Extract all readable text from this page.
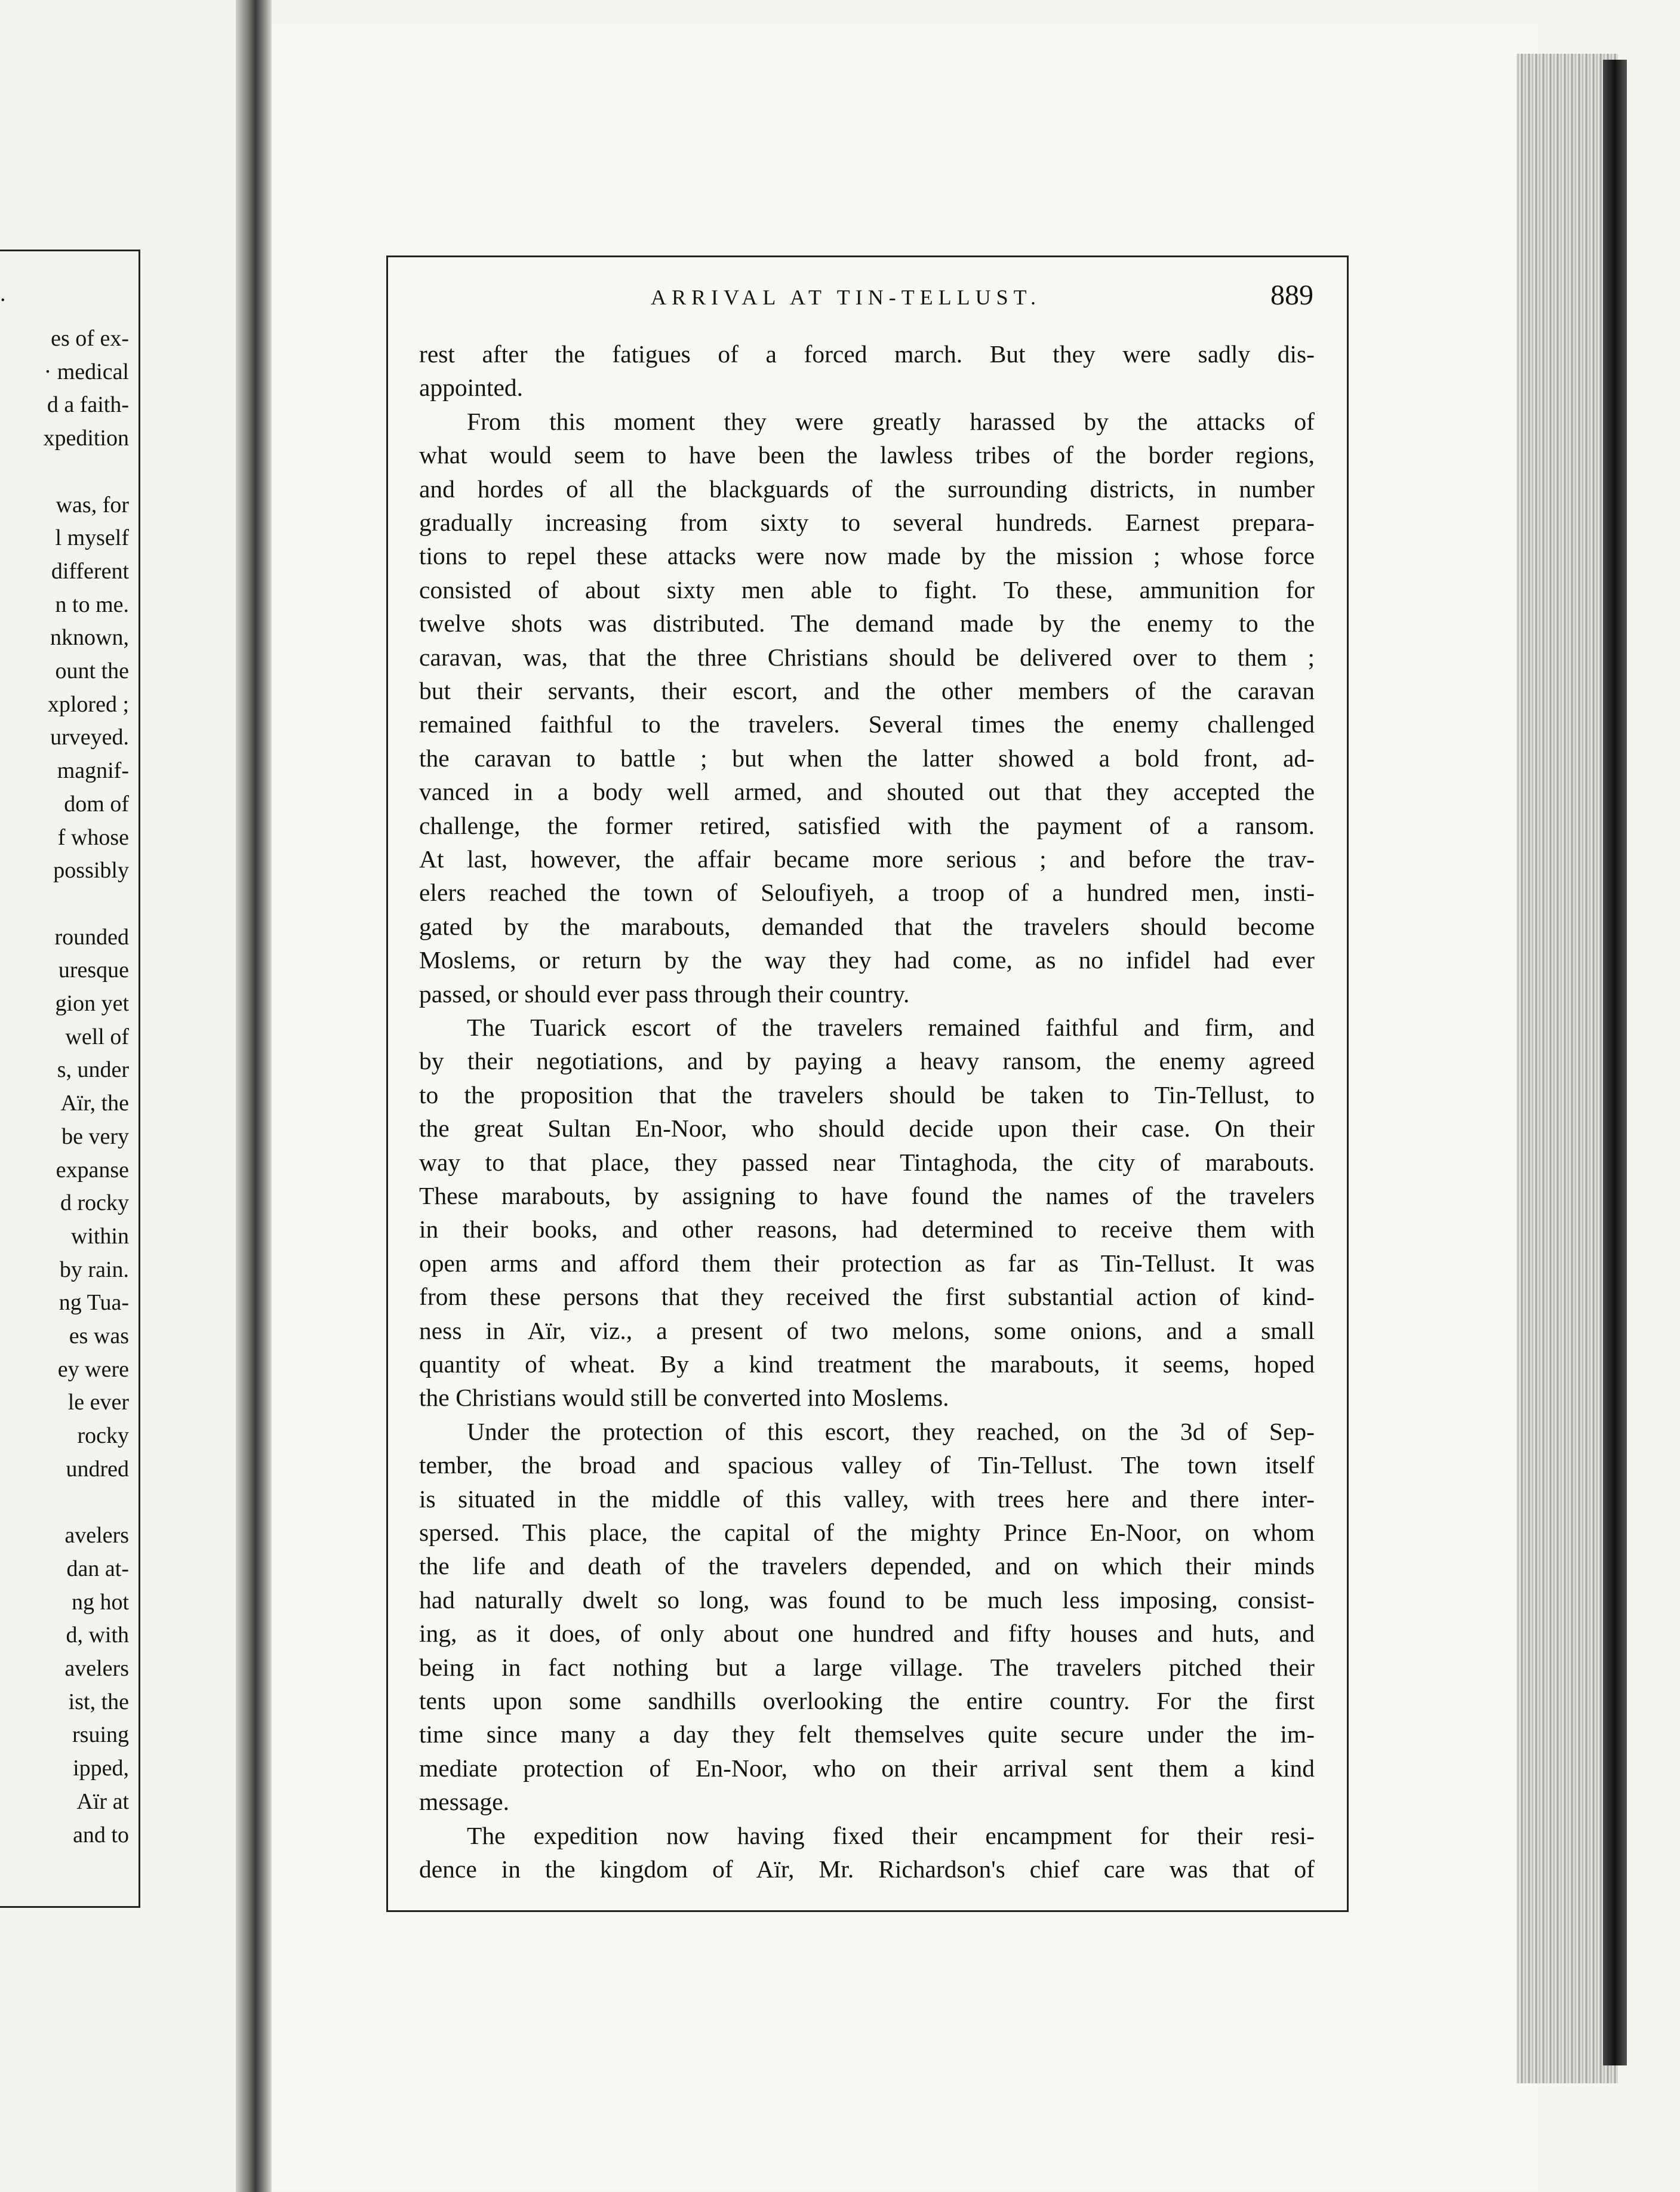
.
es of ex-
· medical
d a faith-
xpedition
was, for
l myself
different
n to me.
nknown,
ount the
xplored ;
urveyed.
magnif-
dom of
f whose
possibly
rounded
uresque
gion yet
well of
s, under
Aïr, the
be very
expanse
d rocky
within
by rain.
ng Tua-
es was
ey were
le ever
rocky
undred
avelers
dan at-
ng hot
d, with
avelers
ist, the
rsuing
ipped,
Aïr at
and to
ARRIVAL AT TIN-TELLUST.	889
rest after the fatigues of a forced march. But they were sadly dis-
appointed.
From this moment they were greatly harassed by the attacks of
what would seem to have been the lawless tribes of the border regions,
and hordes of all the blackguards of the surrounding districts, in number
gradually increasing from sixty to several hundreds. Earnest prepara-
tions to repel these attacks were now made by the mission ; whose force
consisted of about sixty men able to fight. To these, ammunition for
twelve shots was distributed. The demand made by the enemy to the
caravan, was, that the three Christians should be delivered over to them ;
but their servants, their escort, and the other members of the caravan
remained faithful to the travelers. Several times the enemy challenged
the caravan to battle ; but when the latter showed a bold front, ad-
vanced in a body well armed, and shouted out that they accepted the
challenge, the former retired, satisfied with the payment of a ransom.
At last, however, the affair became more serious ; and before the trav-
elers reached the town of Seloufiyeh, a troop of a hundred men, insti-
gated by the marabouts, demanded that the travelers should become
Moslems, or return by the way they had come, as no infidel had ever
passed, or should ever pass through their country.
The Tuarick escort of the travelers remained faithful and firm, and
by their negotiations, and by paying a heavy ransom, the enemy agreed
to the proposition that the travelers should be taken to Tin-Tellust, to
the great Sultan En-Noor, who should decide upon their case. On their
way to that place, they passed near Tintaghoda, the city of marabouts.
These marabouts, by assigning to have found the names of the travelers
in their books, and other reasons, had determined to receive them with
open arms and afford them their protection as far as Tin-Tellust. It was
from these persons that they received the first substantial action of kind-
ness in Aïr, viz., a present of two melons, some onions, and a small
quantity of wheat. By a kind treatment the marabouts, it seems, hoped
the Christians would still be converted into Moslems.
Under the protection of this escort, they reached, on the 3d of Sep-
tember, the broad and spacious valley of Tin-Tellust. The town itself
is situated in the middle of this valley, with trees here and there inter-
spersed. This place, the capital of the mighty Prince En-Noor, on whom
the life and death of the travelers depended, and on which their minds
had naturally dwelt so long, was found to be much less imposing, consist-
ing, as it does, of only about one hundred and fifty houses and huts, and
being in fact nothing but a large village. The travelers pitched their
tents upon some sandhills overlooking the entire country. For the first
time since many a day they felt themselves quite secure under the im-
mediate protection of En-Noor, who on their arrival sent them a kind
message.
The expedition now having fixed their encampment for their resi-
dence in the kingdom of Aïr, Mr. Richardson's chief care was that of
